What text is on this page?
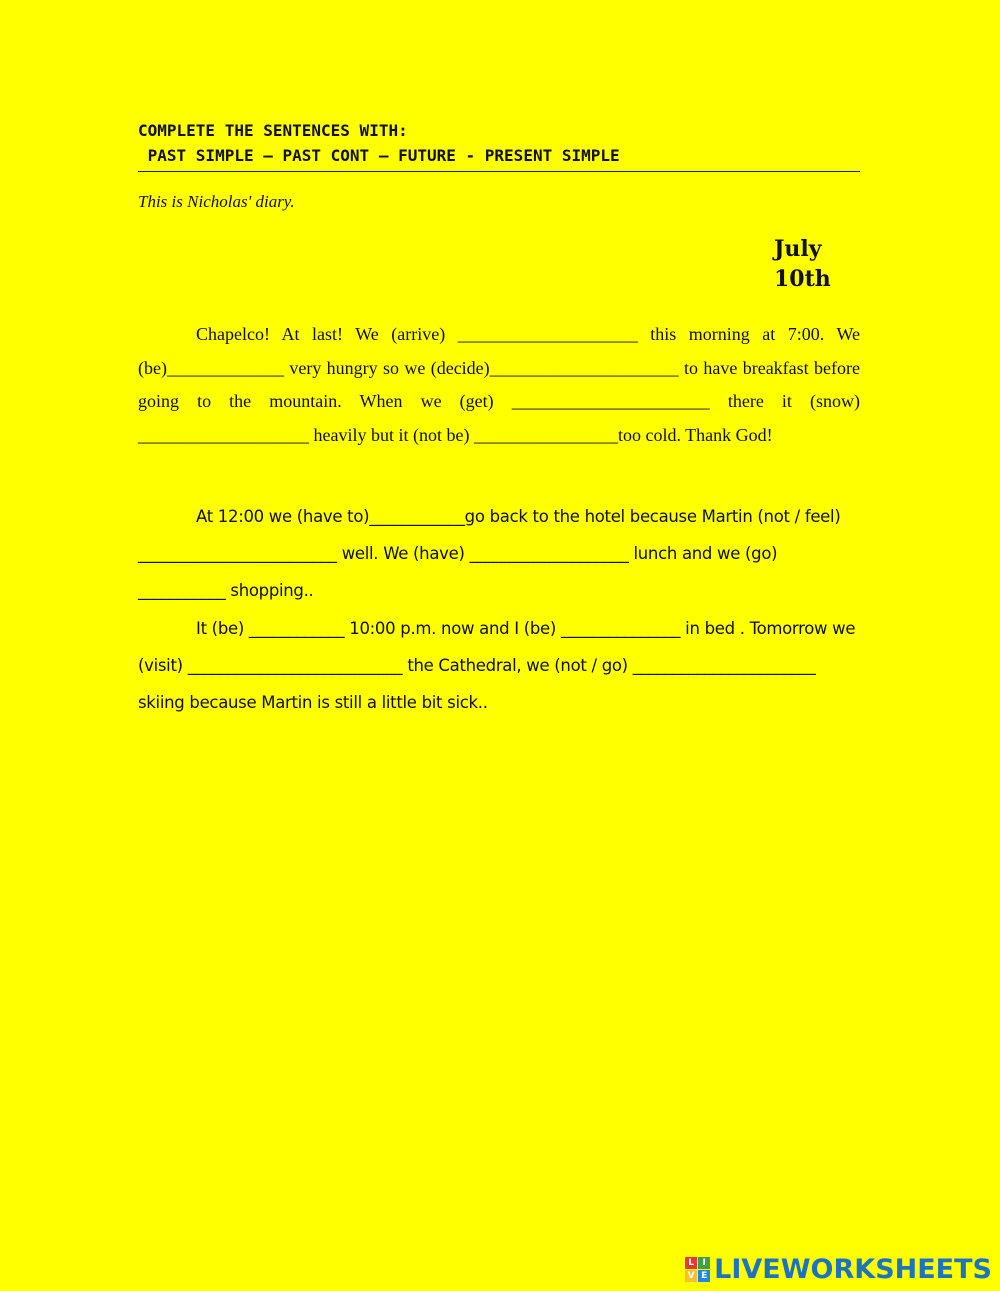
COMPLETE THE SENTENCES WITH:
PAST SIMPLE – PAST CONT – FUTURE - PRESENT SIMPLE
This is Nicholas' diary.
July
10th
Chapelco! At last! We (arrive) ____________________ this morning at 7:00. We (be)_____________ very hungry so we (decide)_____________________ to have breakfast before going to the mountain. When we (get) ______________________ there it (snow) ___________________ heavily but it (not be) ________________too cold. Thank God!
At 12:00 we (have to)____________go back to the hotel because Martin (not / feel) _________________________ well. We (have) ____________________ lunch and we (go) ___________ shopping..
It (be) ____________ 10:00 p.m. now and I (be) _______________ in bed . Tomorrow we (visit) ___________________________ the Cathedral, we (not / go) _______________________ skiing because Martin is still a little bit sick..
L I
V E LIVEWORKSHEETS
